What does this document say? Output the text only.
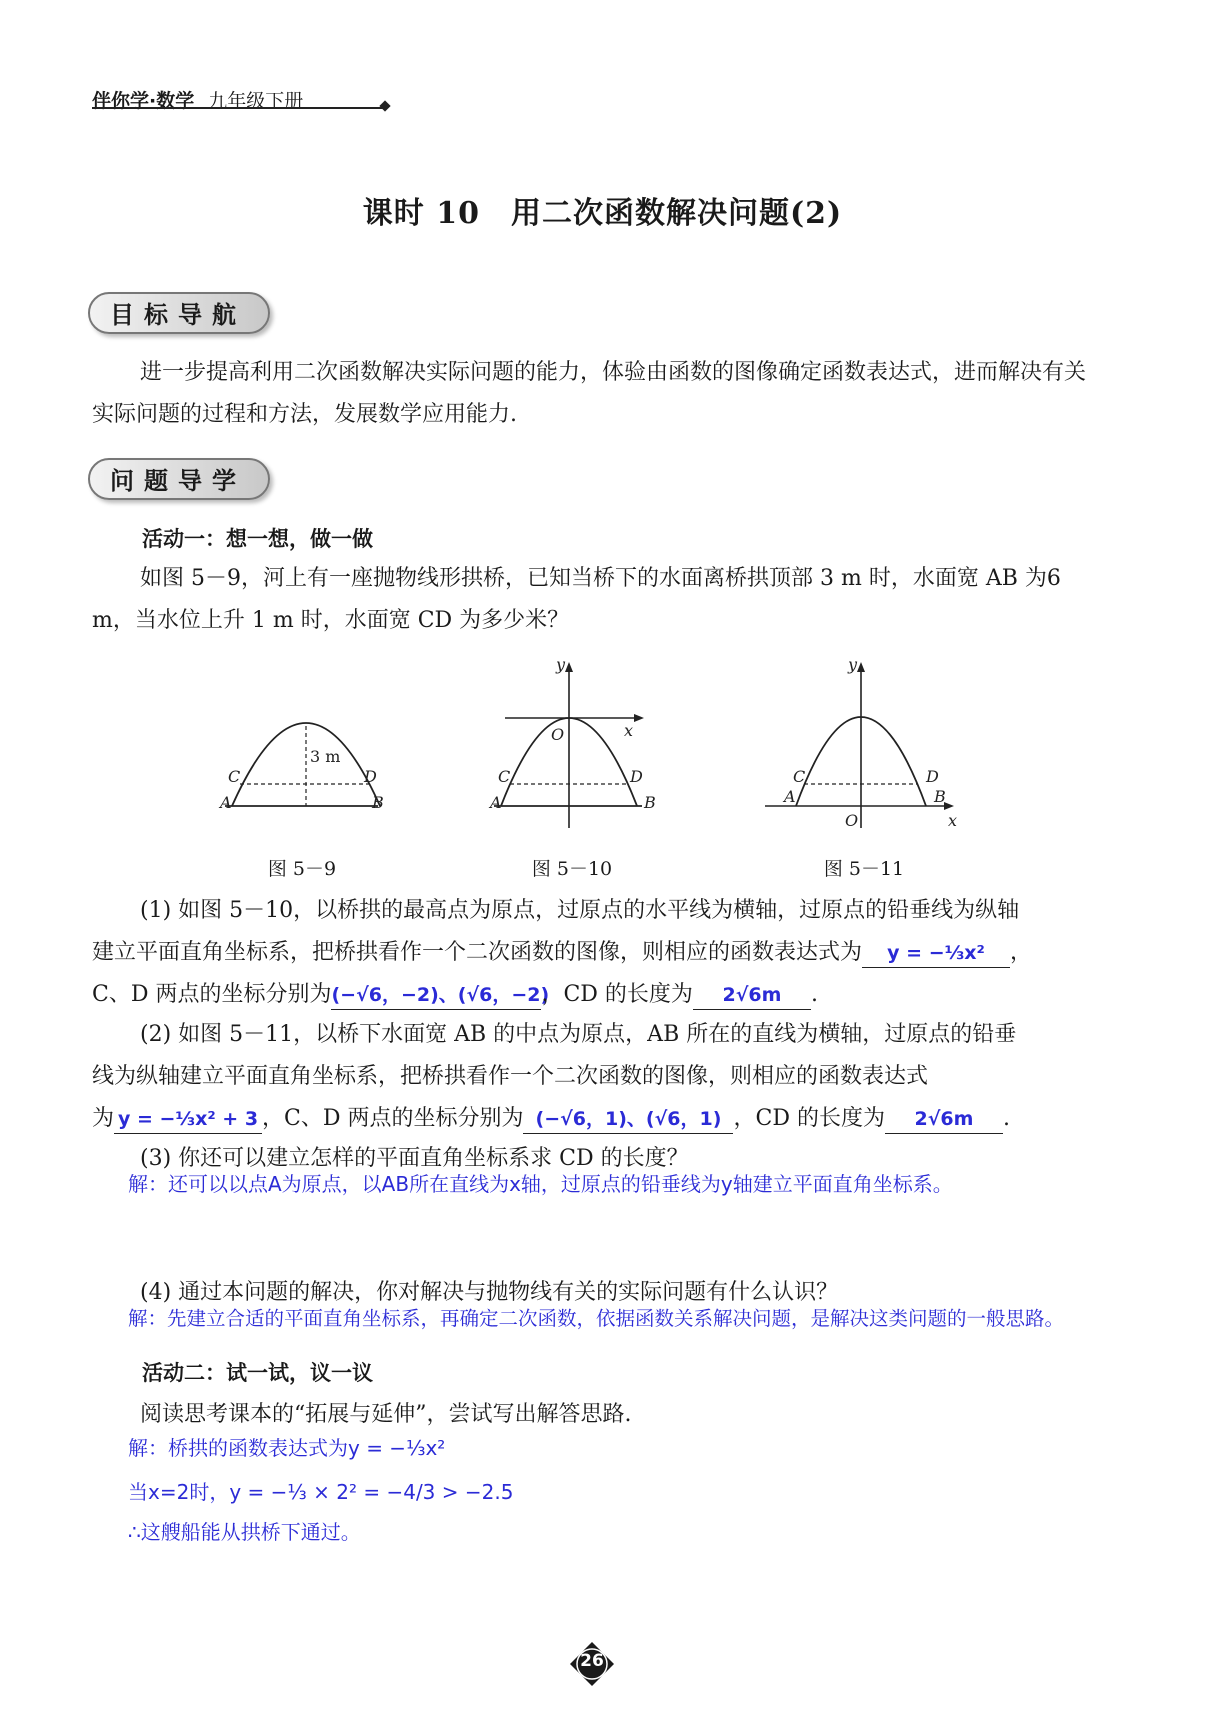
伴你学·数学 九年级下册
课时 10　用二次函数解决问题(2)
目标导航
进一步提高利用二次函数解决实际问题的能力，体验由函数的图像确定函数表达式，进而解决有关实际问题的过程和方法，发展数学应用能力.
问题导学
活动一：想一想，做一做
如图 5－9，河上有一座抛物线形拱桥，已知当桥下的水面离桥拱顶部 3 m 时，水面宽 AB 为6 m，当水位上升 1 m 时，水面宽 CD 为多少米？
3 m
C	D
A	B
y
O	x
C	D
A	B
y
C	D
A	B
O	x
图 5－9	图 5－10	图 5－11
(1) 如图 5－10，以桥拱的最高点为原点，过原点的水平线为横轴，过原点的铅垂线为纵轴
建立平面直角坐标系，把桥拱看作一个二次函数的图像，则相应的函数表达式为 y = −⅓x² ，
C、D 两点的坐标分别为(−√6，−2)、(√6，−2)，CD 的长度为 2√6m .
(2) 如图 5－11，以桥下水面宽 AB 的中点为原点，AB 所在的直线为横轴，过原点的铅垂
线为纵轴建立平面直角坐标系，把桥拱看作一个二次函数的图像，则相应的函数表达式
为 y = −⅓x² + 3 ，C、D 两点的坐标分别为 (−√6，1)、(√6，1) ，CD 的长度为 2√6m .
(3) 你还可以建立怎样的平面直角坐标系求 CD 的长度？
解：还可以以点A为原点，以AB所在直线为x轴，过原点的铅垂线为y轴建立平面直角坐标系。
(4) 通过本问题的解决，你对解决与抛物线有关的实际问题有什么认识？
解：先建立合适的平面直角坐标系，再确定二次函数，依据函数关系解决问题，是解决这类问题的一般思路。
活动二：试一试，议一议
阅读思考课本的“拓展与延伸”，尝试写出解答思路.
解：桥拱的函数表达式为y = −⅓x²
当x=2时，y = −⅓ × 2² = −4/3 > −2.5
∴这艘船能从拱桥下通过。
26
